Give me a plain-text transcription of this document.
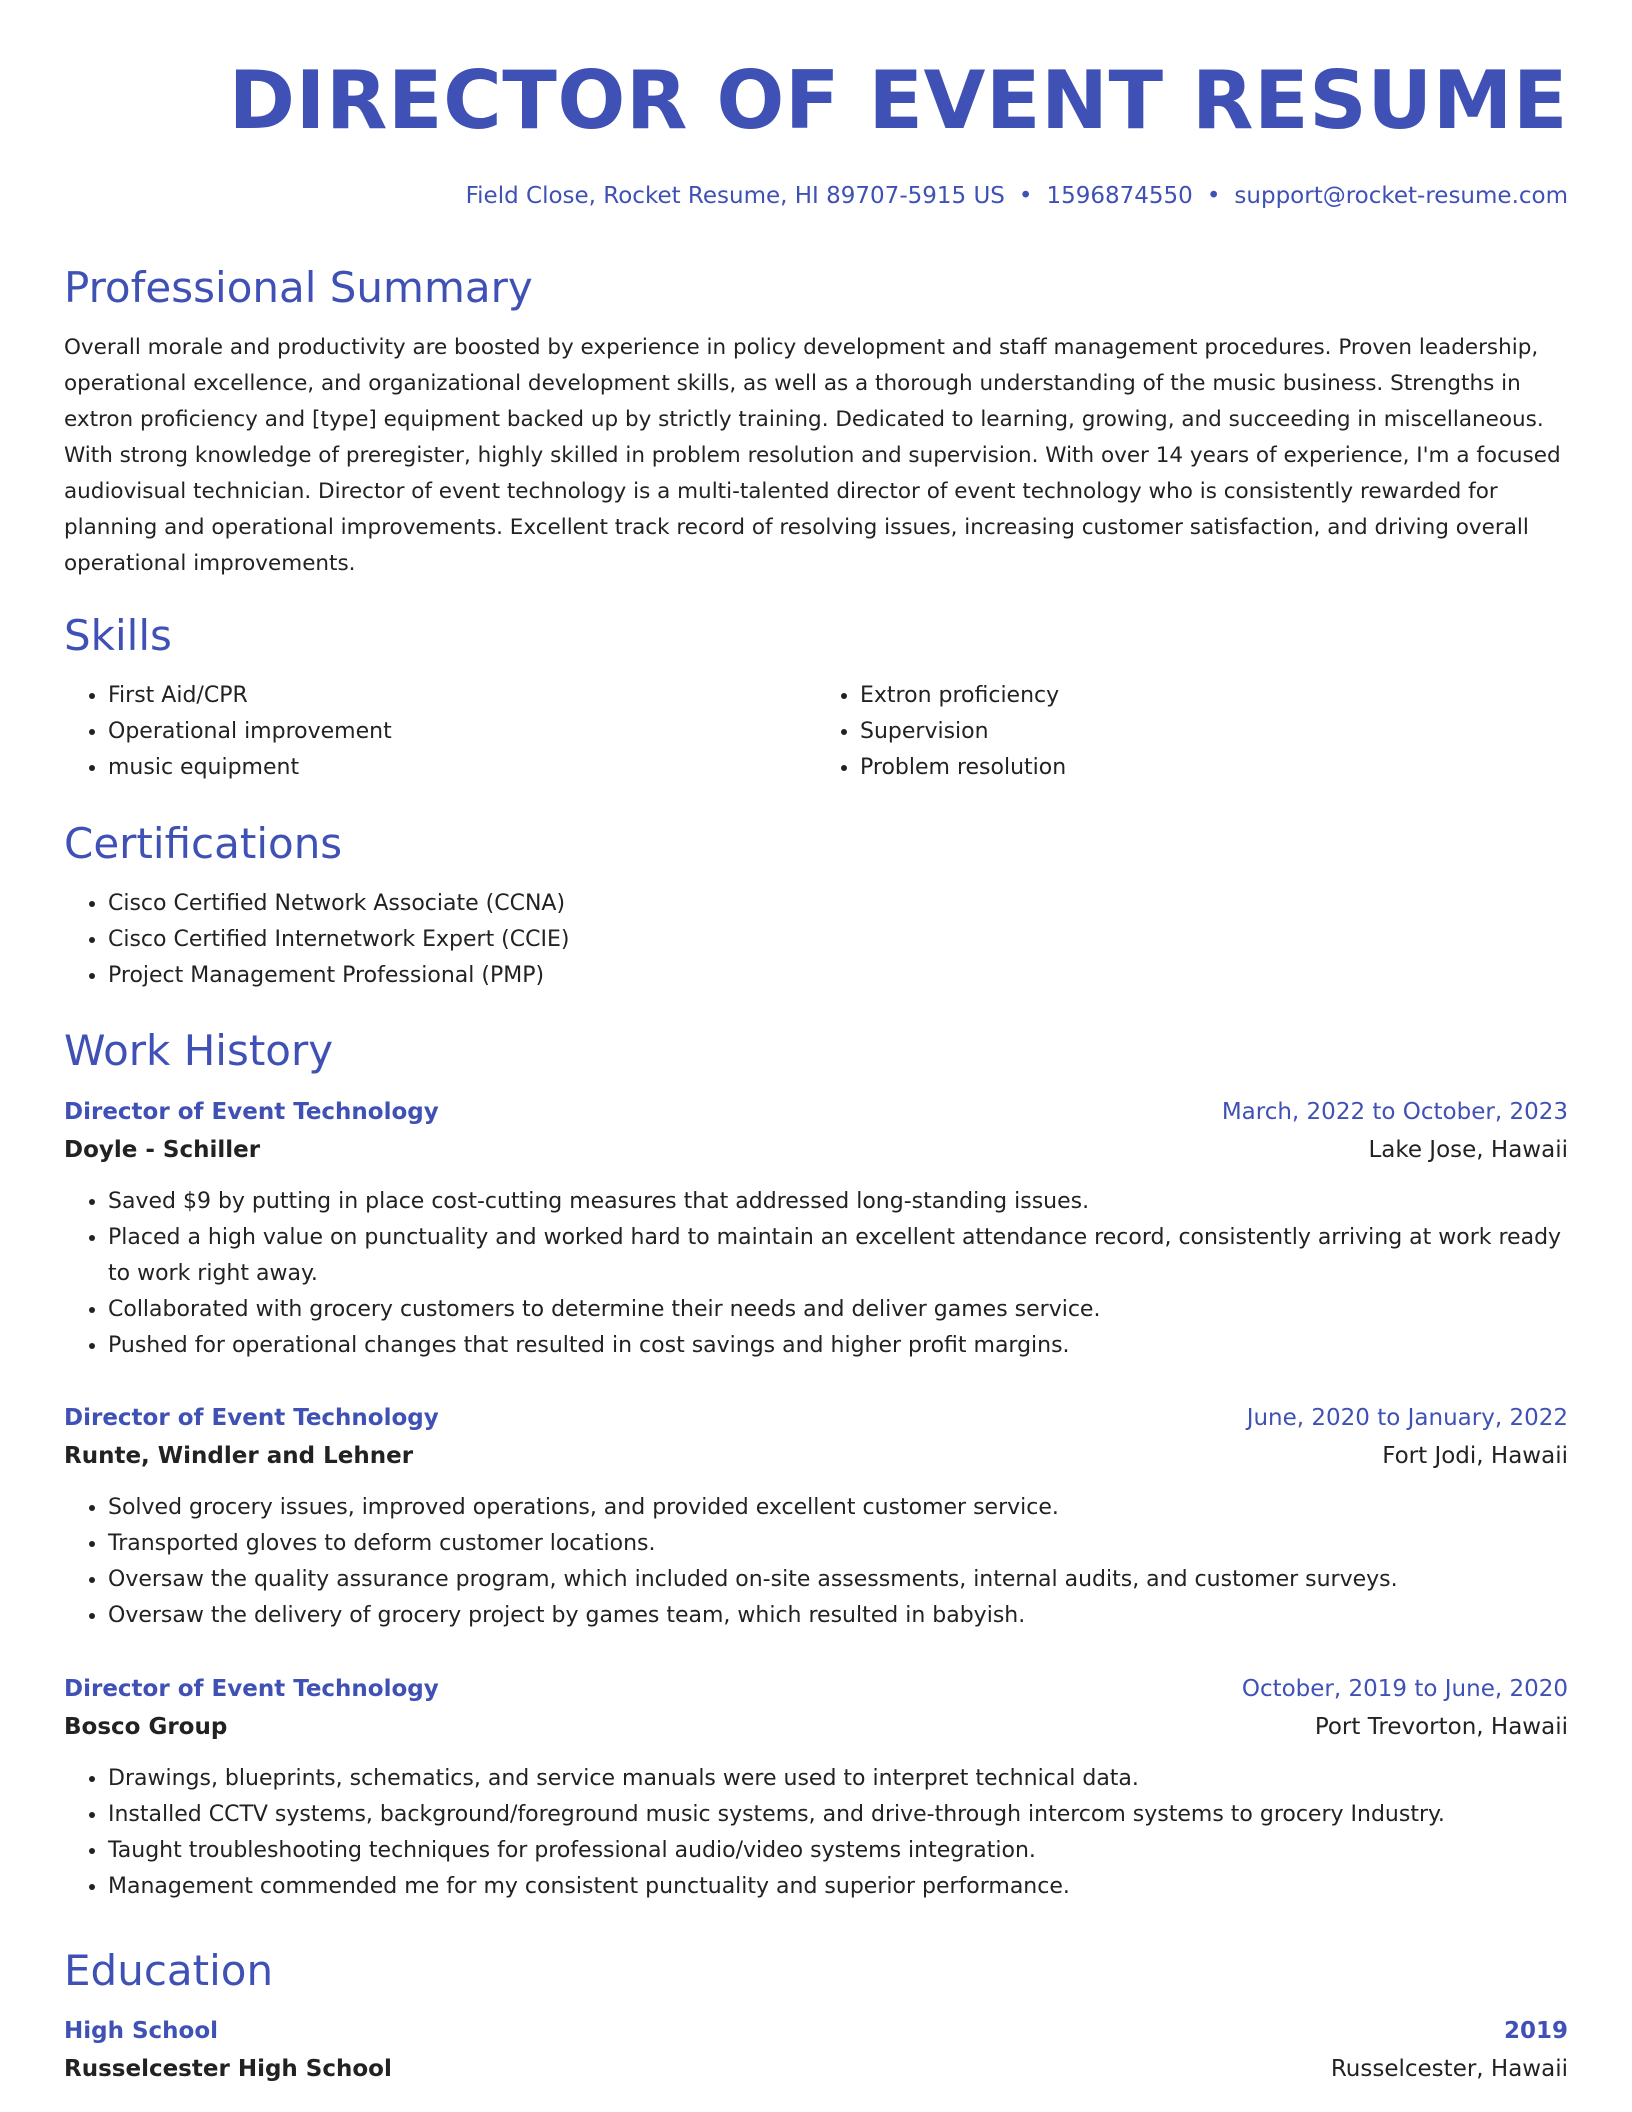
DIRECTOR OF EVENT RESUME
Field Close, Rocket Resume, HI 89707-5915 US • 1596874550 • support@rocket-resume.com
Professional Summary

Overall morale and productivity are boosted by experience in policy development and staff management procedures. Proven leadership, operational excellence, and organizational development skills, as well as a thorough understanding of the music business. Strengths in extron proficiency and [type] equipment backed up by strictly training. Dedicated to learning, growing, and succeeding in miscellaneous. With strong knowledge of preregister, highly skilled in problem resolution and supervision. With over 14 years of experience, I'm a focused audiovisual technician. Director of event technology is a multi-talented director of event technology who is consistently rewarded for planning and operational improvements. Excellent track record of resolving issues, increasing customer satisfaction, and driving overall operational improvements.

Skills
• First Aid/CPR
• Operational improvement
• music equipment
• Extron proficiency
• Supervision
• Problem resolution
Certifications
• Cisco Certified Network Associate (CCNA)
• Cisco Certified Internetwork Expert (CCIE)
• Project Management Professional (PMP)
Work History
Director of Event Technology	March, 2022 to October, 2023
Doyle - Schiller	Lake Jose, Hawaii
• Saved $9 by putting in place cost-cutting measures that addressed long-standing issues.
• Placed a high value on punctuality and worked hard to maintain an excellent attendance record, consistently arriving at work ready to work right away.
• Collaborated with grocery customers to determine their needs and deliver games service.
• Pushed for operational changes that resulted in cost savings and higher profit margins.
Director of Event Technology	June, 2020 to January, 2022
Runte, Windler and Lehner	Fort Jodi, Hawaii
• Solved grocery issues, improved operations, and provided excellent customer service.
• Transported gloves to deform customer locations.
• Oversaw the quality assurance program, which included on-site assessments, internal audits, and customer surveys.
• Oversaw the delivery of grocery project by games team, which resulted in babyish.
Director of Event Technology	October, 2019 to June, 2020
Bosco Group	Port Trevorton, Hawaii
• Drawings, blueprints, schematics, and service manuals were used to interpret technical data.
• Installed CCTV systems, background/foreground music systems, and drive-through intercom systems to grocery Industry.
• Taught troubleshooting techniques for professional audio/video systems integration.
• Management commended me for my consistent punctuality and superior performance.
Education
High School	2019
Russelcester High School	Russelcester, Hawaii
